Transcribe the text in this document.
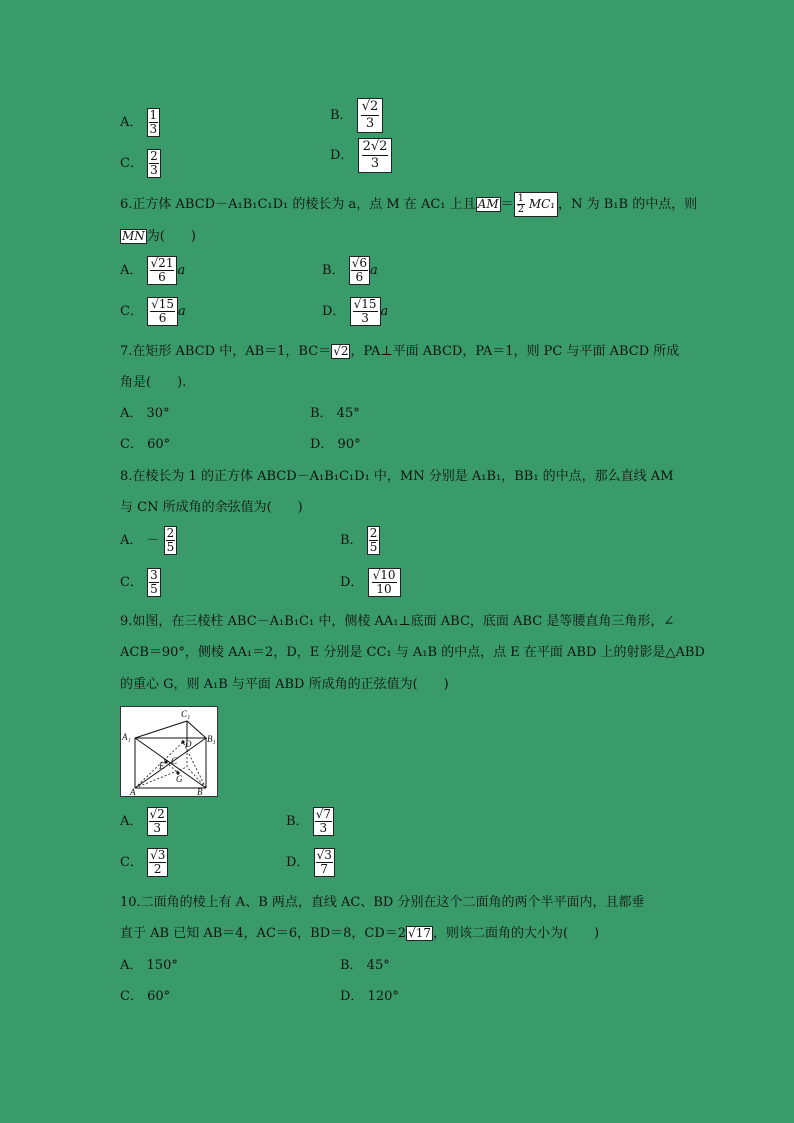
A． $\frac{1}{3}$	B． $\frac{√2}{3}$
C． $\frac{2}{3}$	D． $\frac{2√2}{3}$
6.正方体 ABCD－A₁B₁C₁D₁ 的棱长为 a，点 M 在 AC₁ 上且 AM ＝ $\frac{1}{2} MC_1$ ，N 为 B₁B 的中点，则
MN 为(　　)
A． $\frac{√21}{6}$ a	B． $\frac{√6}{6}$ a
C． $\frac{√15}{6}$ a	D． $\frac{√15}{3}$ a
7.在矩形 ABCD 中，AB＝1，BC＝ √2 ，PA⊥平面 ABCD，PA＝1，则 PC 与平面 ABCD 所成
角是(　　).
A． 30°	B． 45°
C． 60°	D． 90°
8.在棱长为 1 的正方体 ABCD－A₁B₁C₁D₁ 中，MN 分别是 A₁B₁，BB₁ 的中点，那么直线 AM
与 CN 所成角的余弦值为(　　)
A． － $\frac{2}{5}$	B． $\frac{2}{5}$
C． $\frac{3}{5}$	D． $\frac{√10}{10}$
9.如图，在三棱柱 ABC－A₁B₁C₁ 中，侧棱 AA₁⊥底面 ABC，底面 ABC 是等腰直角三角形，∠
ACB＝90°，侧棱 AA₁＝2，D，E 分别是 CC₁ 与 A₁B 的中点，点 E 在平面 ABD 上的射影是△ABD
的重心 G，则 A₁B 与平面 ABD 所成角的正弦值为(　　)
C₁
A₁	B₁
D
C
E
G
A	B
A． $\frac{√2}{3}$	B． $\frac{√7}{3}$
C． $\frac{√3}{2}$	D． $\frac{√3}{7}$
10.二面角的棱上有 A、B 两点，直线 AC、BD 分别在这个二面角的两个半平面内，且都垂
直于 AB 已知 AB＝4，AC＝6，BD＝8，CD＝2 √17 ，则该二面角的大小为(　　)
A． 150°	B． 45°
C． 60°	D． 120°
